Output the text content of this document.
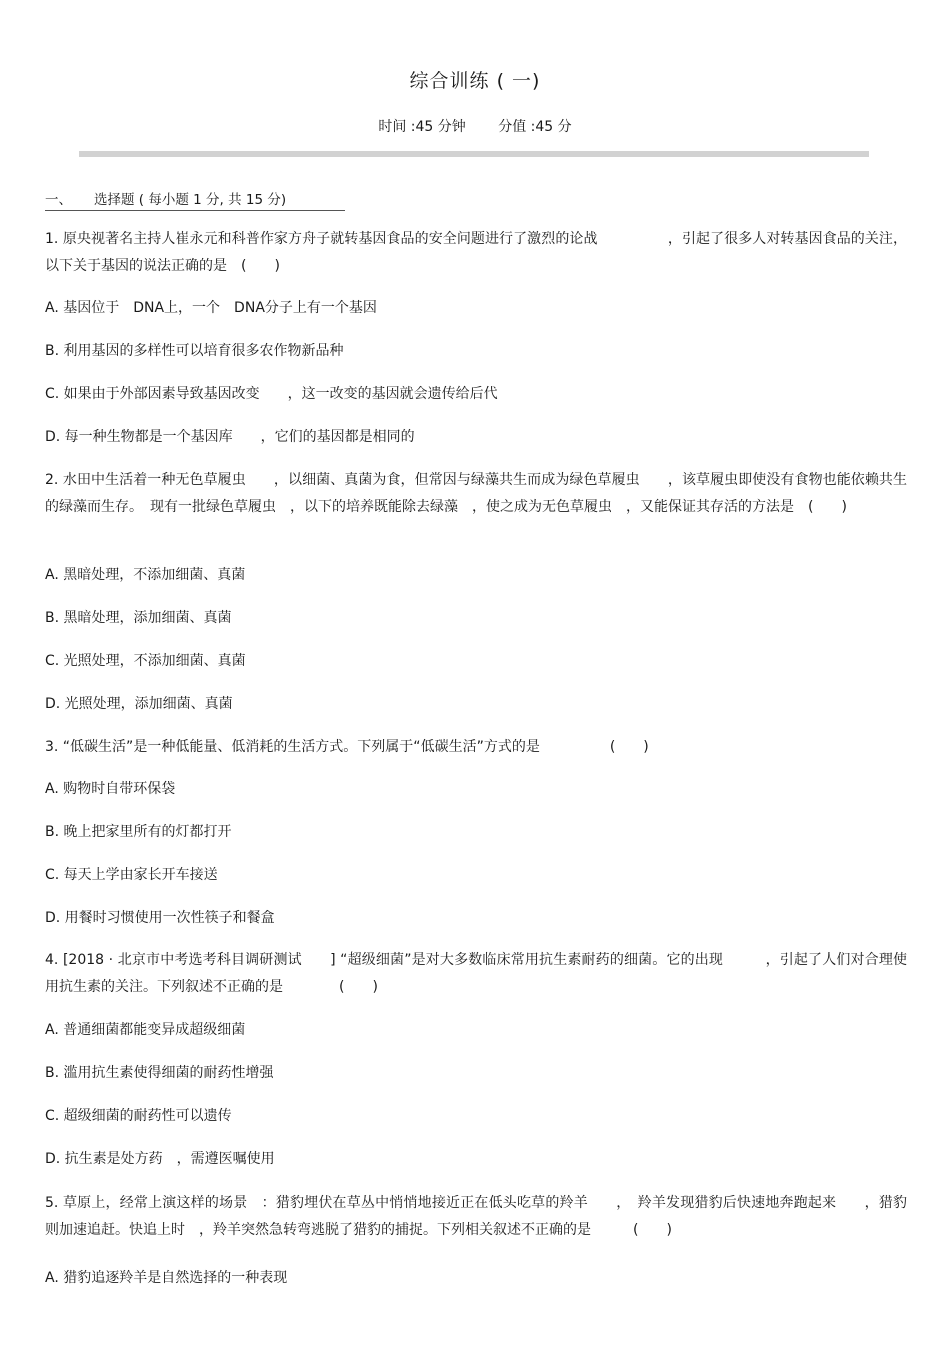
综合训练 ( 一)
时间 :45 分钟 分值 :45 分
一、 选择题 ( 每小题 1 分, 共 15 分)
1. 原央视著名主持人崔永元和科普作家方舟子就转基因食品的安全问题进行了激烈的论战　　　　　，引起了很多人对转基因食品的关注，以下关于基因的说法正确的是　(　　)
A. 基因位于　DNA上，一个　DNA分子上有一个基因
B. 利用基因的多样性可以培育很多农作物新品种
C. 如果由于外部因素导致基因改变　　，这一改变的基因就会遗传给后代
D. 每一种生物都是一个基因库　　，它们的基因都是相同的
2. 水田中生活着一种无色草履虫　　，以细菌、真菌为食，但常因与绿藻共生而成为绿色草履虫　　，该草履虫即使没有食物也能依赖共生的绿藻而生存。　现有一批绿色草履虫　，以下的培养既能除去绿藻　，使之成为无色草履虫　，又能保证其存活的方法是　(　　)
A. 黑暗处理，不添加细菌、真菌
B. 黑暗处理，添加细菌、真菌
C. 光照处理，不添加细菌、真菌
D. 光照处理，添加细菌、真菌
3. “低碳生活”是一种低能量、低消耗的生活方式。下列属于“低碳生活”方式的是　　　　　(　　)
A. 购物时自带环保袋
B. 晚上把家里所有的灯都打开
C. 每天上学由家长开车接送
D. 用餐时习惯使用一次性筷子和餐盒
4. [2018 · 北京市中考选考科目调研测试　　] “超级细菌”是对大多数临床常用抗生素耐药的细菌。它的出现　　　，引起了人们对合理使用抗生素的关注。下列叙述不正确的是　　　　(　　)
A. 普通细菌都能变异成超级细菌
B. 滥用抗生素使得细菌的耐药性增强
C. 超级细菌的耐药性可以遗传
D. 抗生素是处方药　，需遵医嘱使用
5. 草原上，经常上演这样的场景　：猎豹埋伏在草丛中悄悄地接近正在低头吃草的羚羊　　，　羚羊发现猎豹后快速地奔跑起来　　，猎豹则加速追赶。快追上时　，羚羊突然急转弯逃脱了猎豹的捕捉。下列相关叙述不正确的是　　　(　　)
A. 猎豹追逐羚羊是自然选择的一种表现
